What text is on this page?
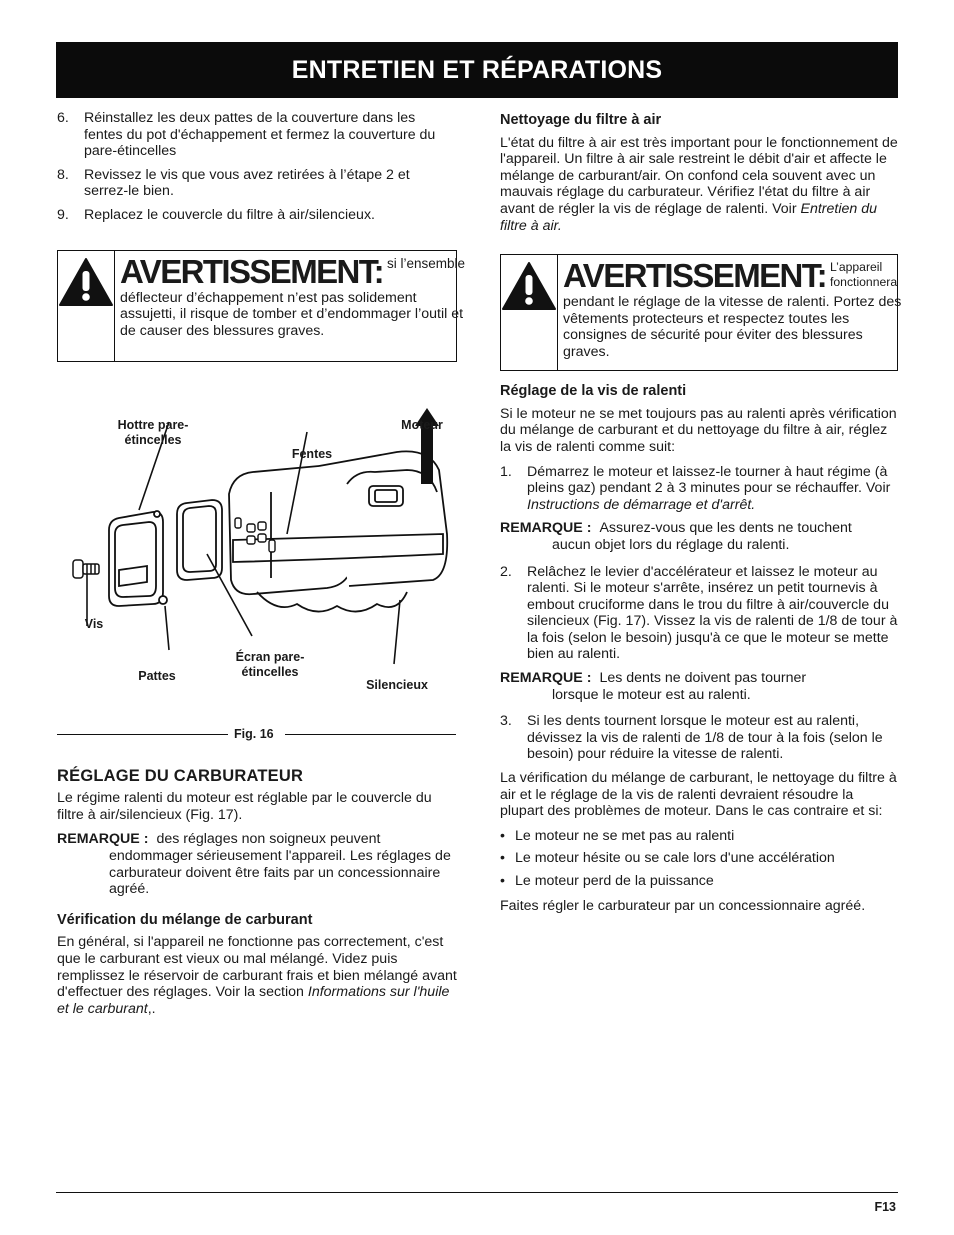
ENTRETIEN ET RÉPARATIONS
6. Réinstallez les deux pattes de la couverture dans les fentes du pot d'échappement et fermez la couverture du pare-étincelles
8. Revissez le vis que vous avez retirées à l’étape 2 et serrez-le bien.
9. Replacez le couvercle du filtre à air/silencieux.
AVERTISSEMENT: si l’ensemble
déflecteur d’échappement n’est pas solidement assujetti, il risque de tomber et d’endommager l’outil et de causer des blessures graves.
Hottre pare-
étincelles
Moteur
Fentes
Vis
Pattes
Écran pare-
étincelles
Silencieux
Fig. 16
RÉGLAGE DU CARBURATEUR

Le régime ralenti du moteur est réglable par le couvercle du filtre à air/silencieux (Fig. 17).

REMARQUE : des réglages non soigneux peuvent
endommager sérieusement l'appareil. Les réglages de carburateur doivent être faits par un concessionnaire agréé.
Vérification du mélange de carburant

En général, si l'appareil ne fonctionne pas correctement, c'est que le carburant est vieux ou mal mélangé. Videz puis remplissez le réservoir de carburant frais et bien mélangé avant d'effectuer des réglages. Voir la section Informations sur l'huile et le carburant,.

Nettoyage du filtre à air

L'état du filtre à air est très important pour le fonctionnement de l'appareil. Un filtre à air sale restreint le débit d'air et affecte le mélange de carburant/air. On confond cela souvent avec un mauvais réglage du carburateur. Vérifiez l'état du filtre à air avant de régler la vis de réglage de ralenti. Voir Entretien du filtre à air.

AVERTISSEMENT: L’appareil fonctionnera
pendant le réglage de la vitesse de ralenti. Portez des vêtements protecteurs et respectez toutes les consignes de sécurité pour éviter des blessures graves.
Réglage de la vis de ralenti

Si le moteur ne se met toujours pas au ralenti après vérification du mélange de carburant et du nettoyage du filtre à air, réglez la vis de ralenti comme suit:

1. Démarrez le moteur et laissez-le tourner à haut régime (à pleins gaz) pendant 2 à 3 minutes pour se réchauffer. Voir Instructions de démarrage et d'arrêt.
REMARQUE : Assurez-vous que les dents ne touchent
aucun objet lors du réglage du ralenti.
2. Relâchez le levier d'accélérateur et laissez le moteur au ralenti. Si le moteur s'arrête, insérez un petit tournevis à embout cruciforme dans le trou du filtre à air/couvercle du silencieux (Fig. 17). Vissez la vis de ralenti de 1/8 de tour à la fois (selon le besoin) jusqu'à ce que le moteur se mette bien au ralenti.
REMARQUE : Les dents ne doivent pas tourner
lorsque le moteur est au ralenti.
3. Si les dents tournent lorsque le moteur est au ralenti, dévissez la vis de ralenti de 1/8 de tour à la fois (selon le besoin) pour réduire la vitesse de ralenti.

La vérification du mélange de carburant, le nettoyage du filtre à air et le réglage de la vis de ralenti devraient résoudre la plupart des problèmes de moteur. Dans le cas contraire et si:

• Le moteur ne se met pas au ralenti
• Le moteur hésite ou se cale lors d'une accélération
• Le moteur perd de la puissance

Faites régler le carburateur par un concessionnaire agréé.

F13
